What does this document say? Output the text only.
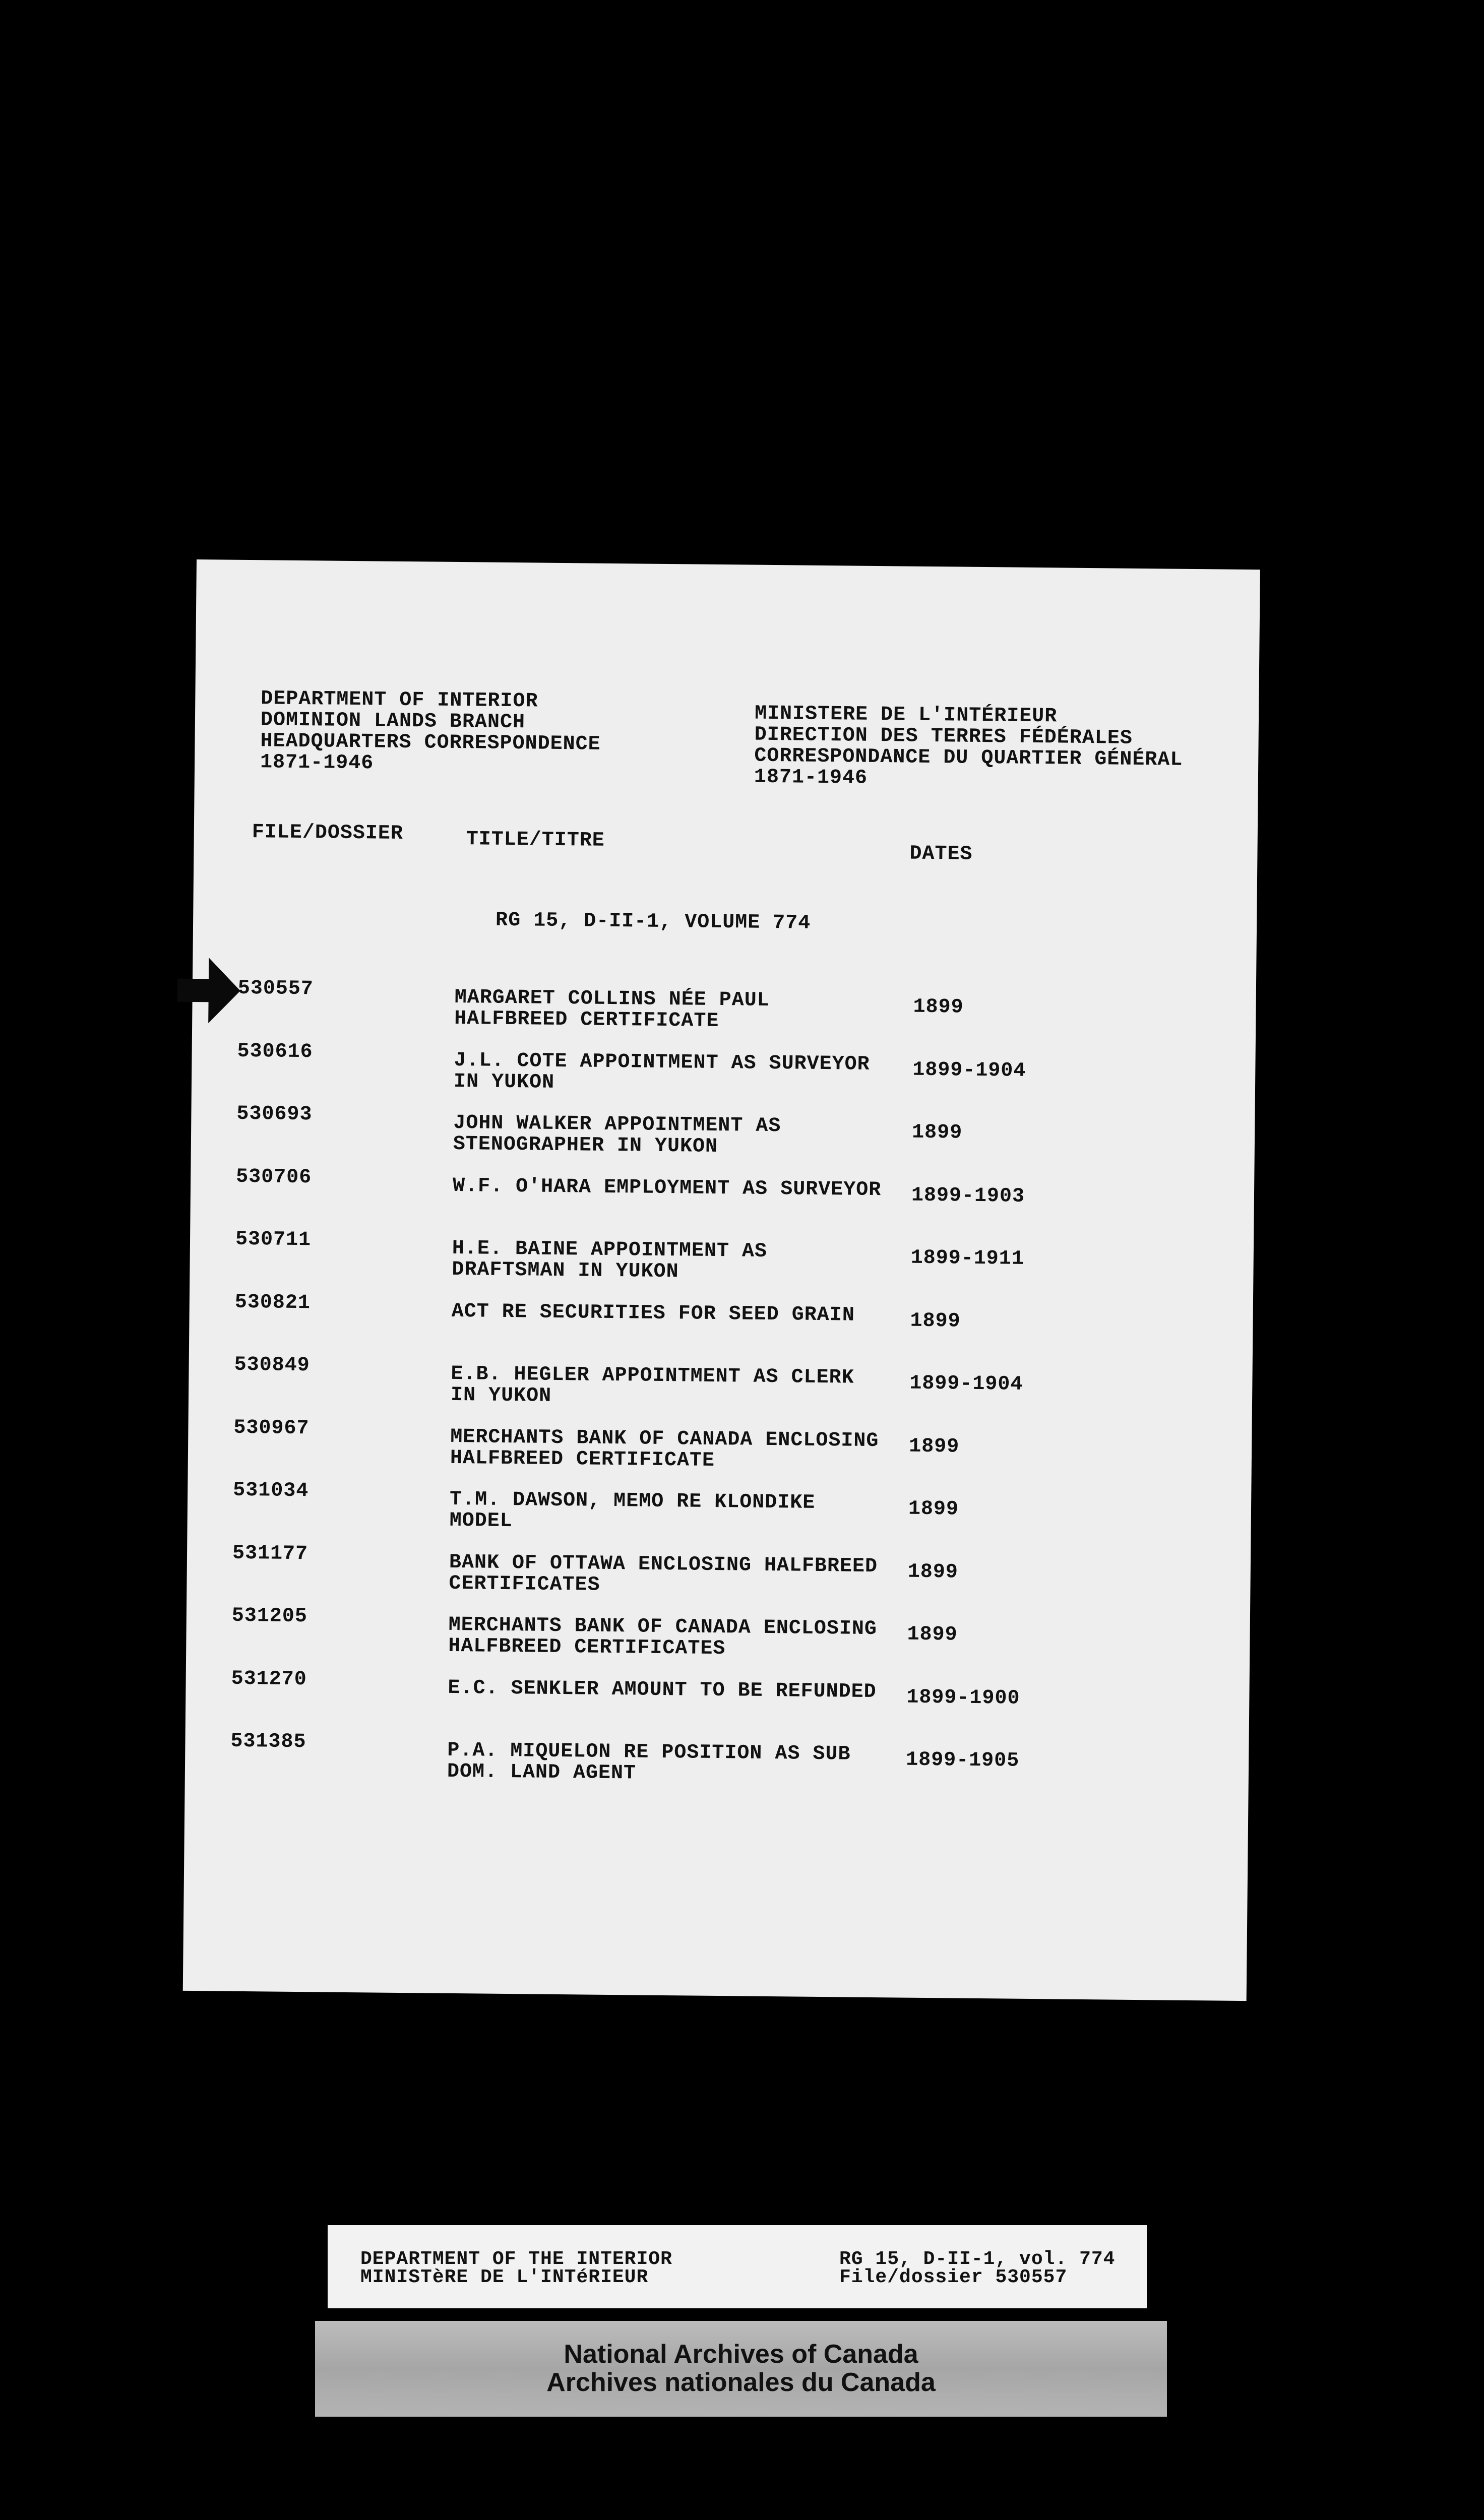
DEPARTMENT OF INTERIOR
DOMINION LANDS BRANCH
HEADQUARTERS CORRESPONDENCE
1871-1946
MINISTERE DE L'INTÉRIEUR
DIRECTION DES TERRES FÉDÉRALES
CORRESPONDANCE DU QUARTIER GÉNÉRAL
1871-1946
FILE/DOSSIER	TITLE/TITRE
DATES
RG 15, D-II-1, VOLUME 774
530557	MARGARET COLLINS NÉE PAUL
HALFBREED CERTIFICATE
1899
530616	J.L. COTE APPOINTMENT AS SURVEYOR
IN YUKON	1899-1904
530693	JOHN WALKER APPOINTMENT AS
STENOGRAPHER IN YUKON
1899
530706	W.F. O'HARA EMPLOYMENT AS SURVEYOR 1899-1903
530711	H.E. BAINE APPOINTMENT AS
DRAFTSMAN IN YUKON	1899-1911
530821	ACT RE SECURITIES FOR SEED GRAIN	1899
530849	E.B. HEGLER APPOINTMENT AS CLERK
IN YUKON	1899-1904
530967	MERCHANTS BANK OF CANADA ENCLOSING
HALFBREED CERTIFICATE
1899
531034	T.M. DAWSON, MEMO RE KLONDIKE
MODEL
1899
531177	BANK OF OTTAWA ENCLOSING HALFBREED
CERTIFICATES
1899
531205	MERCHANTS BANK OF CANADA ENCLOSING
HALFBREED CERTIFICATES
1899
531270	E.C. SENKLER AMOUNT TO BE REFUNDED 1899-1900
531385	P.A. MIQUELON RE POSITION AS SUB
DOM. LAND AGENT	1899-1905
DEPARTMENT OF THE INTERIOR
MINISTèRE DE L'INTéRIEUR
RG 15, D-II-1, vol. 774
File/dossier 530557
National Archives of Canada
Archives nationales du Canada
